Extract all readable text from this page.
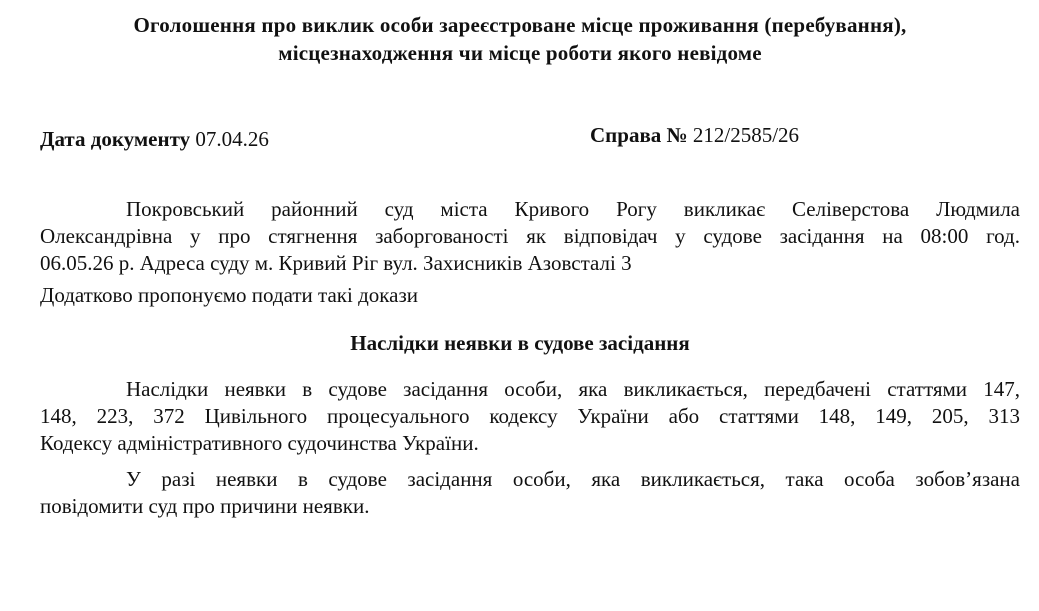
Оголошення про виклик особи зареєстроване місце проживання (перебування),
місцезнаходження чи місце роботи якого невідоме
Дата документу 07.04.26	Справа № 212/2585/26
Покровський районний суд міста Кривого Рогу викликає Селіверстова Людмила
Олександрівна у про стягнення заборгованості як відповідач у судове засідання на 08:00 год.
06.05.26 р. Адреса суду м. Кривий Ріг вул. Захисників Азовсталі 3
Додатково пропонуємо подати такі докази
Наслідки неявки в судове засідання
Наслідки неявки в судове засідання особи, яка викликається, передбачені статтями 147,
148, 223, 372 Цивільного процесуального кодексу України або статтями 148, 149, 205, 313
Кодексу адміністративного судочинства України.
У разі неявки в судове засідання особи, яка викликається, така особа зобов’язана
повідомити суд про причини неявки.
